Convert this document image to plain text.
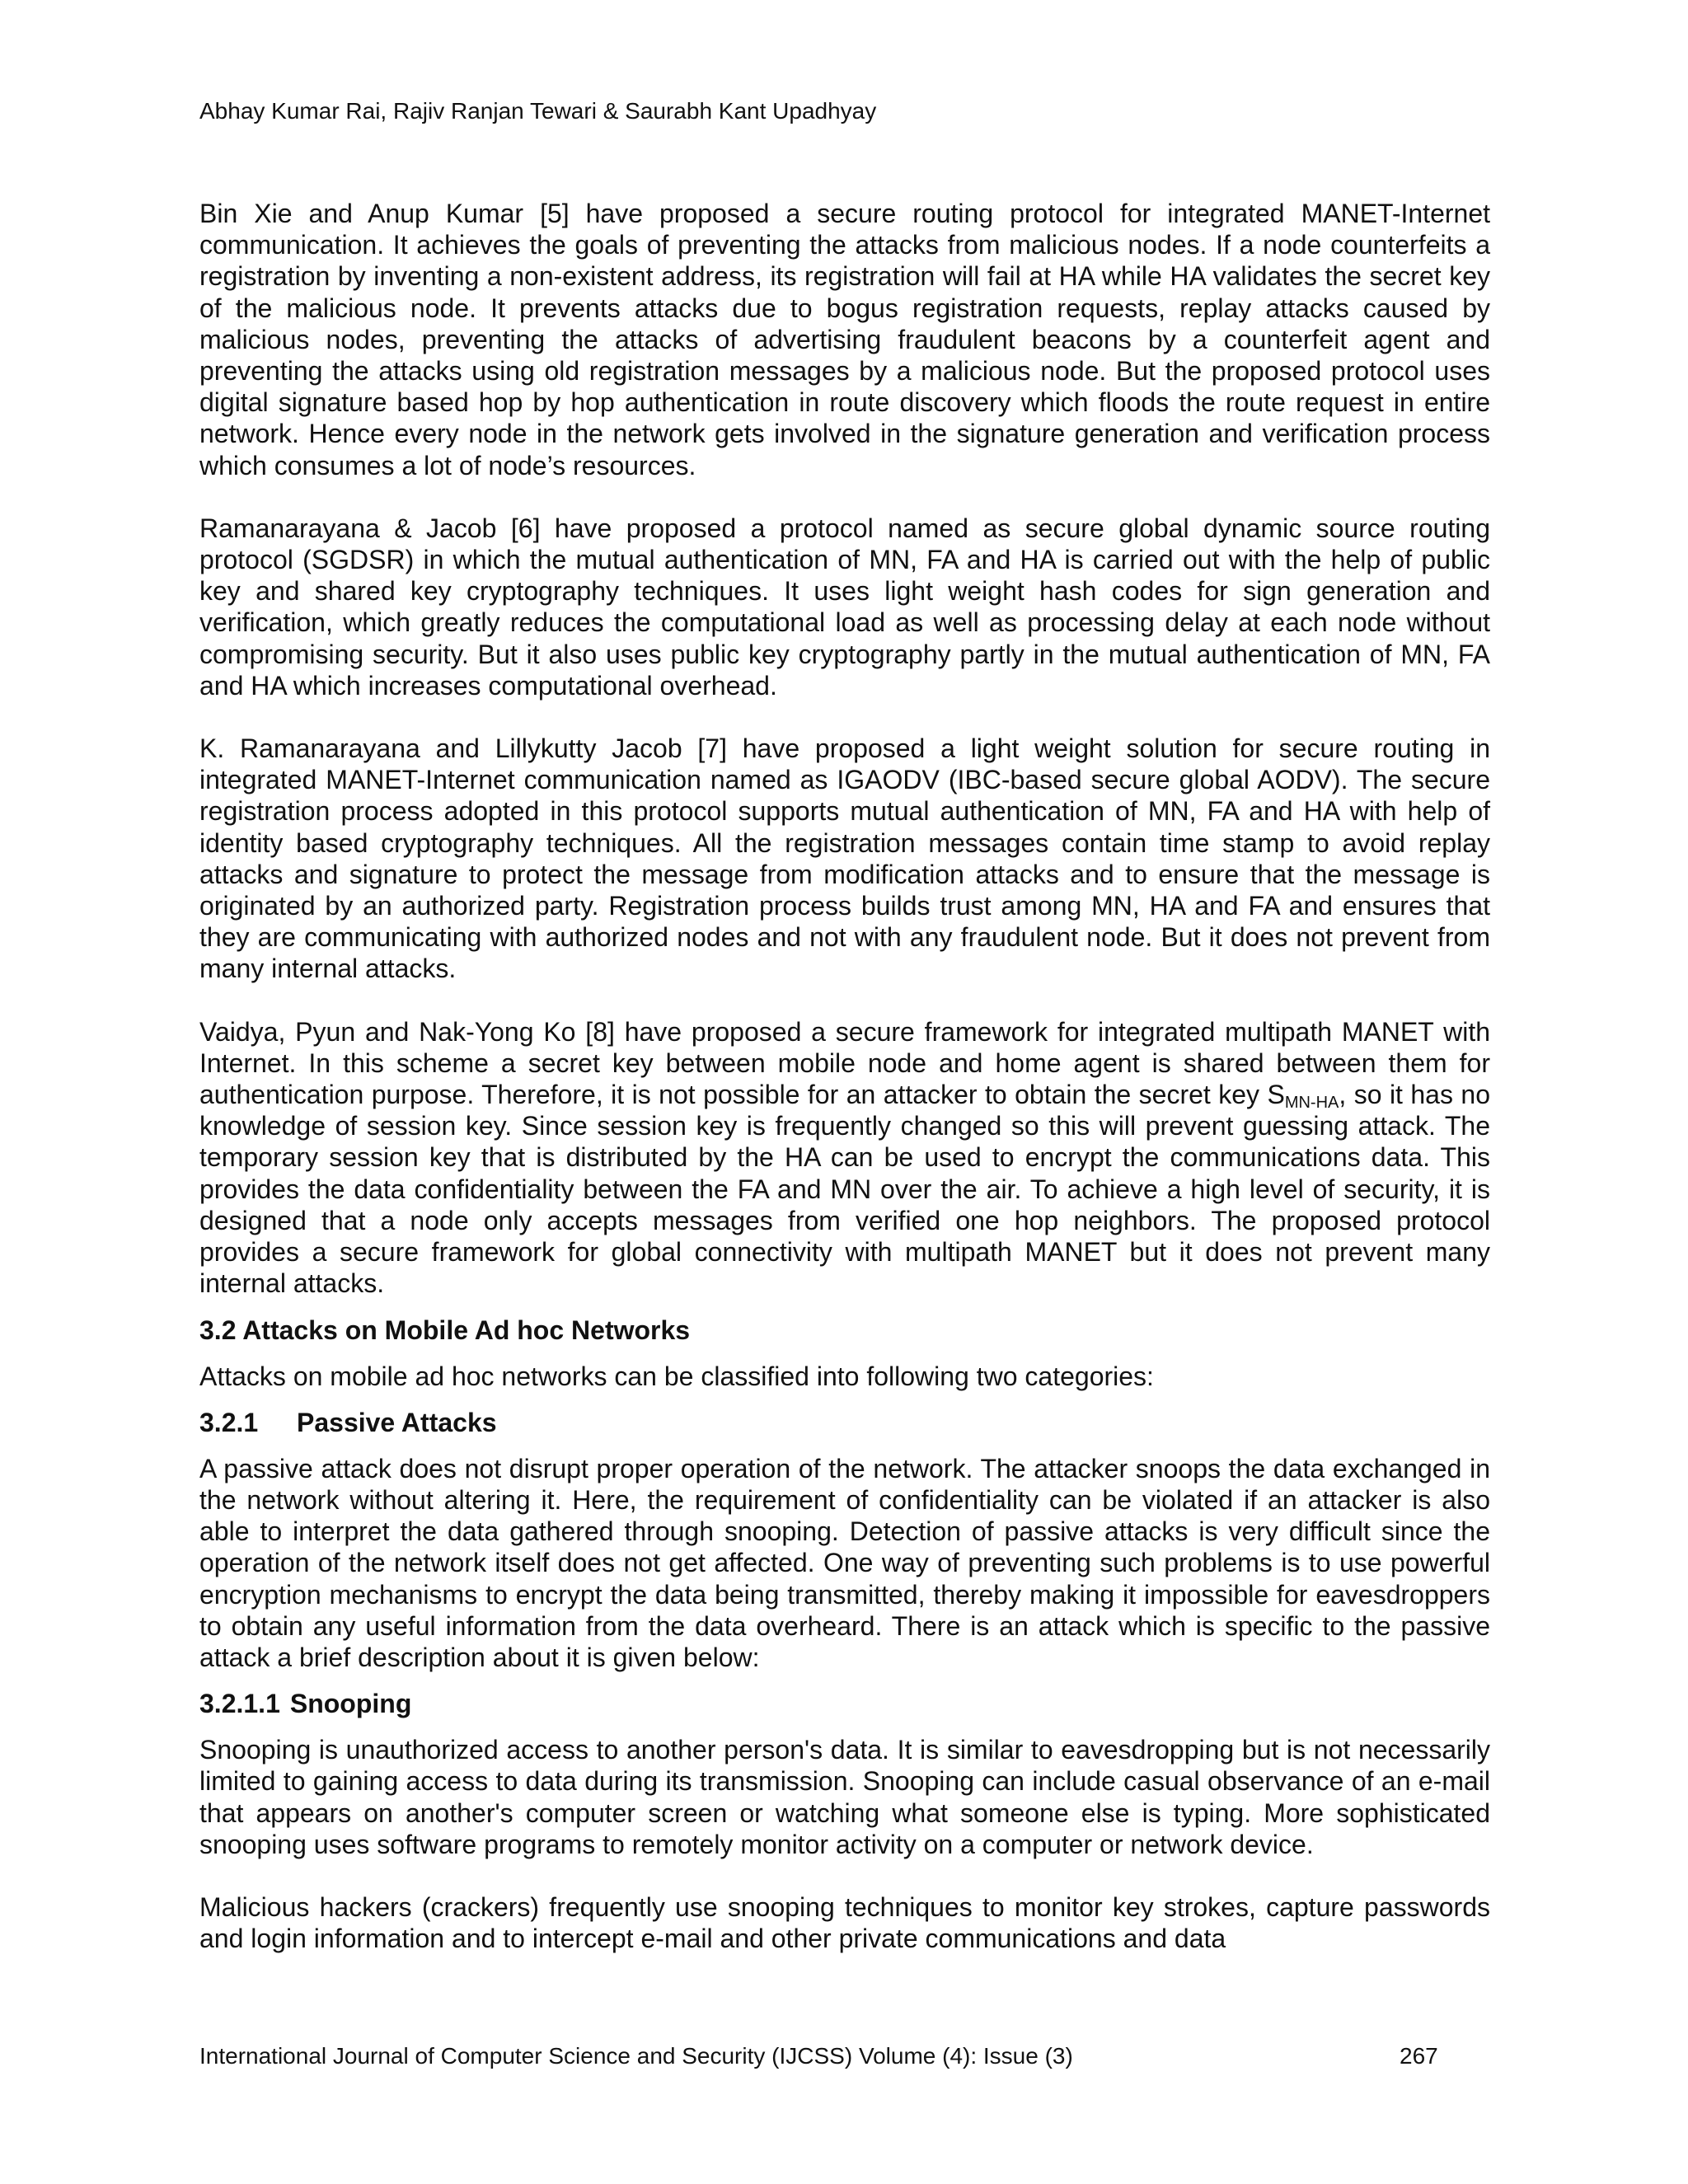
Abhay Kumar Rai, Rajiv Ranjan Tewari & Saurabh Kant Upadhyay

Bin Xie and Anup Kumar [5] have proposed a secure routing protocol for integrated MANET-Internet communication. It achieves the goals of preventing the attacks from malicious nodes. If a node counterfeits a registration by inventing a non-existent address, its registration will fail at HA while HA validates the secret key of the malicious node. It prevents attacks due to bogus registration requests, replay attacks caused by malicious nodes, preventing the attacks of advertising fraudulent beacons by a counterfeit agent and preventing the attacks using old registration messages by a malicious node. But the proposed protocol uses digital signature based hop by hop authentication in route discovery which floods the route request in entire network. Hence every node in the network gets involved in the signature generation and verification process which consumes a lot of node’s resources.

Ramanarayana & Jacob [6] have proposed a protocol named as secure global dynamic source routing protocol (SGDSR) in which the mutual authentication of MN, FA and HA is carried out with the help of public key and shared key cryptography techniques. It uses light weight hash codes for sign generation and verification, which greatly reduces the computational load as well as processing delay at each node without compromising security. But it also uses public key cryptography partly in the mutual authentication of MN, FA and HA which increases computational overhead.

K. Ramanarayana and Lillykutty Jacob [7] have proposed a light weight solution for secure routing in integrated MANET-Internet communication named as IGAODV (IBC-based secure global AODV). The secure registration process adopted in this protocol supports mutual authentication of MN, FA and HA with help of identity based cryptography techniques. All the registration messages contain time stamp to avoid replay attacks and signature to protect the message from modification attacks and to ensure that the message is originated by an authorized party. Registration process builds trust among MN, HA and FA and ensures that they are communicating with authorized nodes and not with any fraudulent node. But it does not prevent from many internal attacks.

Vaidya, Pyun and Nak-Yong Ko [8] have proposed a secure framework for integrated multipath MANET with Internet. In this scheme a secret key between mobile node and home agent is shared between them for authentication purpose. Therefore, it is not possible for an attacker to obtain the secret key $S_{MN-HA}$, so it has no knowledge of session key. Since session key is frequently changed so this will prevent guessing attack. The temporary session key that is distributed by the HA can be used to encrypt the communications data. This provides the data confidentiality between the FA and MN over the air. To achieve a high level of security, it is designed that a node only accepts messages from verified one hop neighbors. The proposed protocol provides a secure framework for global connectivity with multipath MANET but it does not prevent many internal attacks.

3.2 Attacks on Mobile Ad hoc Networks

Attacks on mobile ad hoc networks can be classified into following two categories:

3.2.1 Passive Attacks

A passive attack does not disrupt proper operation of the network. The attacker snoops the data exchanged in the network without altering it. Here, the requirement of confidentiality can be violated if an attacker is also able to interpret the data gathered through snooping. Detection of passive attacks is very difficult since the operation of the network itself does not get affected. One way of preventing such problems is to use powerful encryption mechanisms to encrypt the data being transmitted, thereby making it impossible for eavesdroppers to obtain any useful information from the data overheard. There is an attack which is specific to the passive attack a brief description about it is given below:

3.2.1.1 Snooping

Snooping is unauthorized access to another person's data. It is similar to eavesdropping but is not necessarily limited to gaining access to data during its transmission. Snooping can include casual observance of an e-mail that appears on another's computer screen or watching what someone else is typing. More sophisticated snooping uses software programs to remotely monitor activity on a computer or network device.

Malicious hackers (crackers) frequently use snooping techniques to monitor key strokes, capture passwords and login information and to intercept e-mail and other private communications and data

International Journal of Computer Science and Security (IJCSS) Volume (4): Issue (3)	267
